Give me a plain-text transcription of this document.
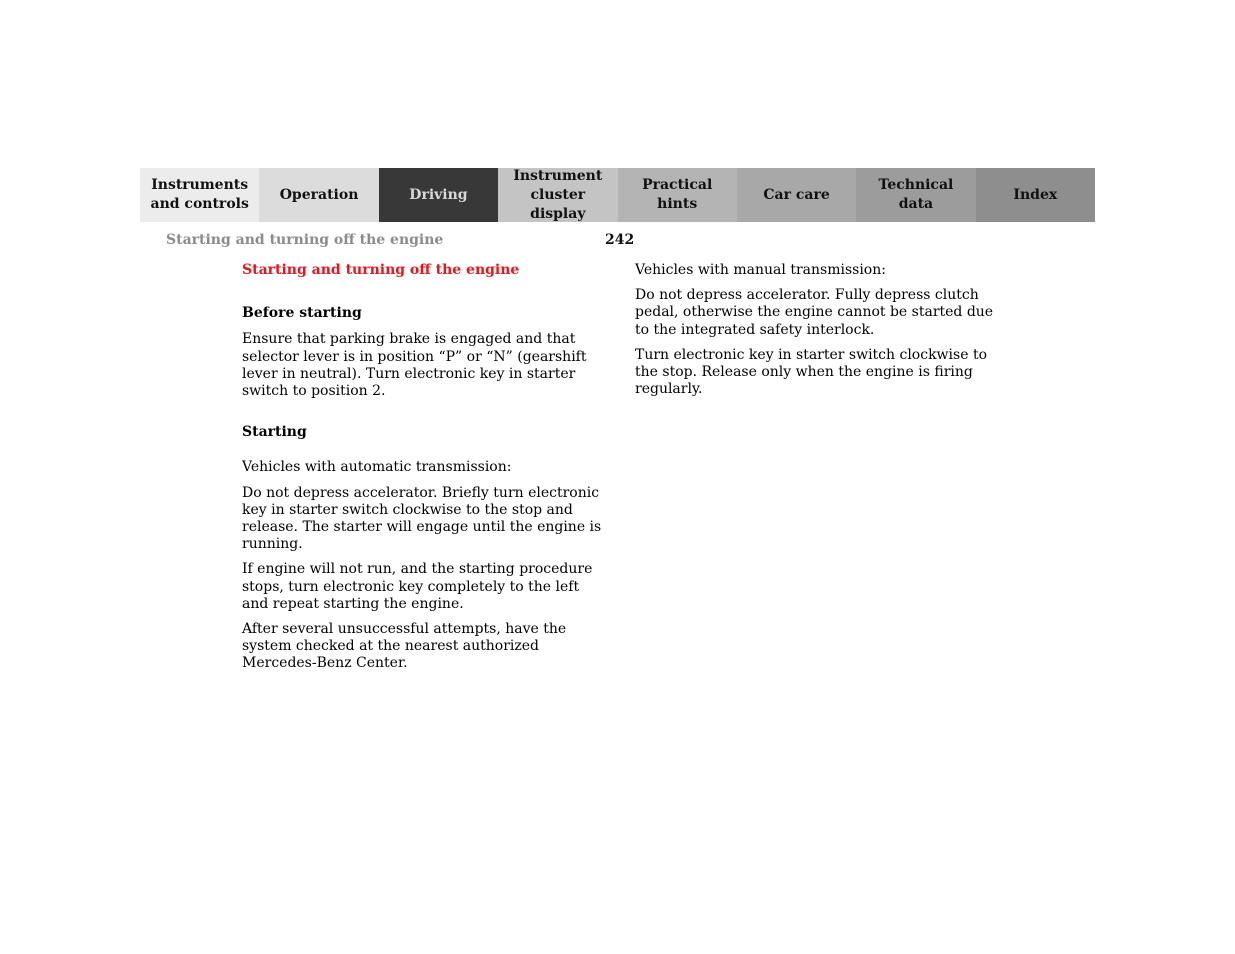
Instruments
and controls
Operation	Driving
Instrument
cluster display
Practical hints
Car care
Technical
data
Index
Starting and turning off the engine	242

Starting and turning off the engine

Before starting

Ensure that parking brake is engaged and that selector lever is in position “P” or “N” (gearshift lever in neutral). Turn electronic key in starter switch to position 2.

Starting

Vehicles with automatic transmission:

Do not depress accelerator. Briefly turn electronic key in starter switch clockwise to the stop and release. The starter will engage until the engine is running.

If engine will not run, and the starting procedure stops, turn electronic key completely to the left and repeat starting the engine.

After several unsuccessful attempts, have the system checked at the nearest authorized Mercedes-Benz Center.

Vehicles with manual transmission:

Do not depress accelerator. Fully depress clutch pedal, otherwise the engine cannot be started due to the integrated safety interlock.

Turn electronic key in starter switch clockwise to the stop. Release only when the engine is firing regularly.
